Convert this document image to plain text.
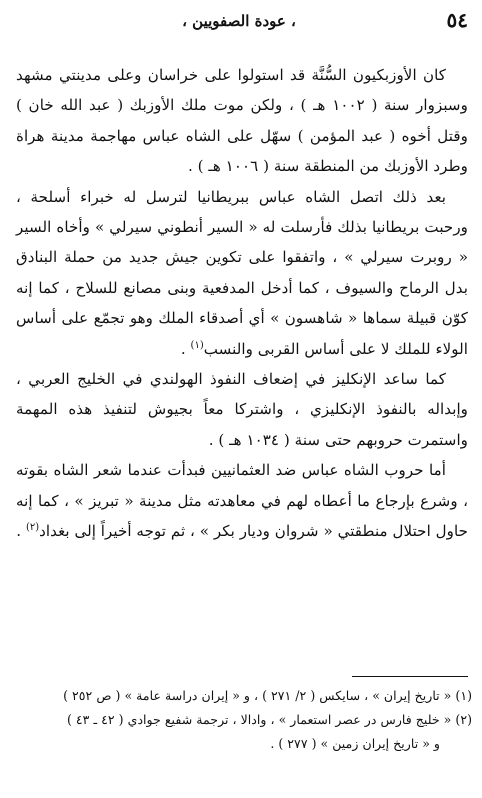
٥٤
، عودة الصفويين ،

كان الأوزبكيون السُّنَّة قد استولوا على خراسان وعلى مدينتي مشهد وسبزوار سنة ( ١٠٠٢ هـ ) ، ولكن موت ملك الأوزبك ( عبد الله خان ) وقتل أخوه ( عبد المؤمن ) سهّل على الشاه عباس مهاجمة مدينة هراة وطرد الأوزبك من المنطقة سنة ( ١٠٠٦ هـ ) .

بعد ذلك اتصل الشاه عباس ببريطانيا لترسل له خبراء أسلحة ، ورحبت بريطانيا بذلك فأرسلت له « السير أنطوني سيرلي » وأخاه السير « روبرت سيرلي » ، واتفقوا على تكوين جيش جديد من حملة البنادق بدل الرماح والسيوف ، كما أدخل المدفعية وبنى مصانع للسلاح ، كما إنه كوّن قبيلة سماها « شاهسون » أي أصدقاء الملك وهو تجمّع على أساس الولاء للملك لا على أساس القربى والنسب$^{(١)}$ .

كما ساعد الإنكليز في إضعاف النفوذ الهولندي في الخليج العربي ، وإبداله بالنفوذ الإنكليزي ، واشتركا معاً بجيوش لتنفيذ هذه المهمة واستمرت حروبهم حتى سنة ( ١٠٣٤ هـ ) .

أما حروب الشاه عباس ضد العثمانيين فبدأت عندما شعر الشاه بقوته ، وشرع بإرجاع ما أعطاه لهم في معاهدته مثل مدينة « تبريز » ، كما إنه حاول احتلال منطقتي « شروان وديار بكر » ، ثم توجه أخيراً إلى بغداد$^{(٢)}$ .

(١) « تاريخ إيران » ، سايكس ( ٢/ ٢٧١ ) ، و « إيران دراسة عامة » ( ص ٢٥٢ )

(٢) « خليج فارس در عصر استعمار » ، وادالا ، ترجمة شفيع جوادي ( ٤٢ ـ ٤٣ )

و « تاريخ إيران زمين » ( ٢٧٧ ) .
